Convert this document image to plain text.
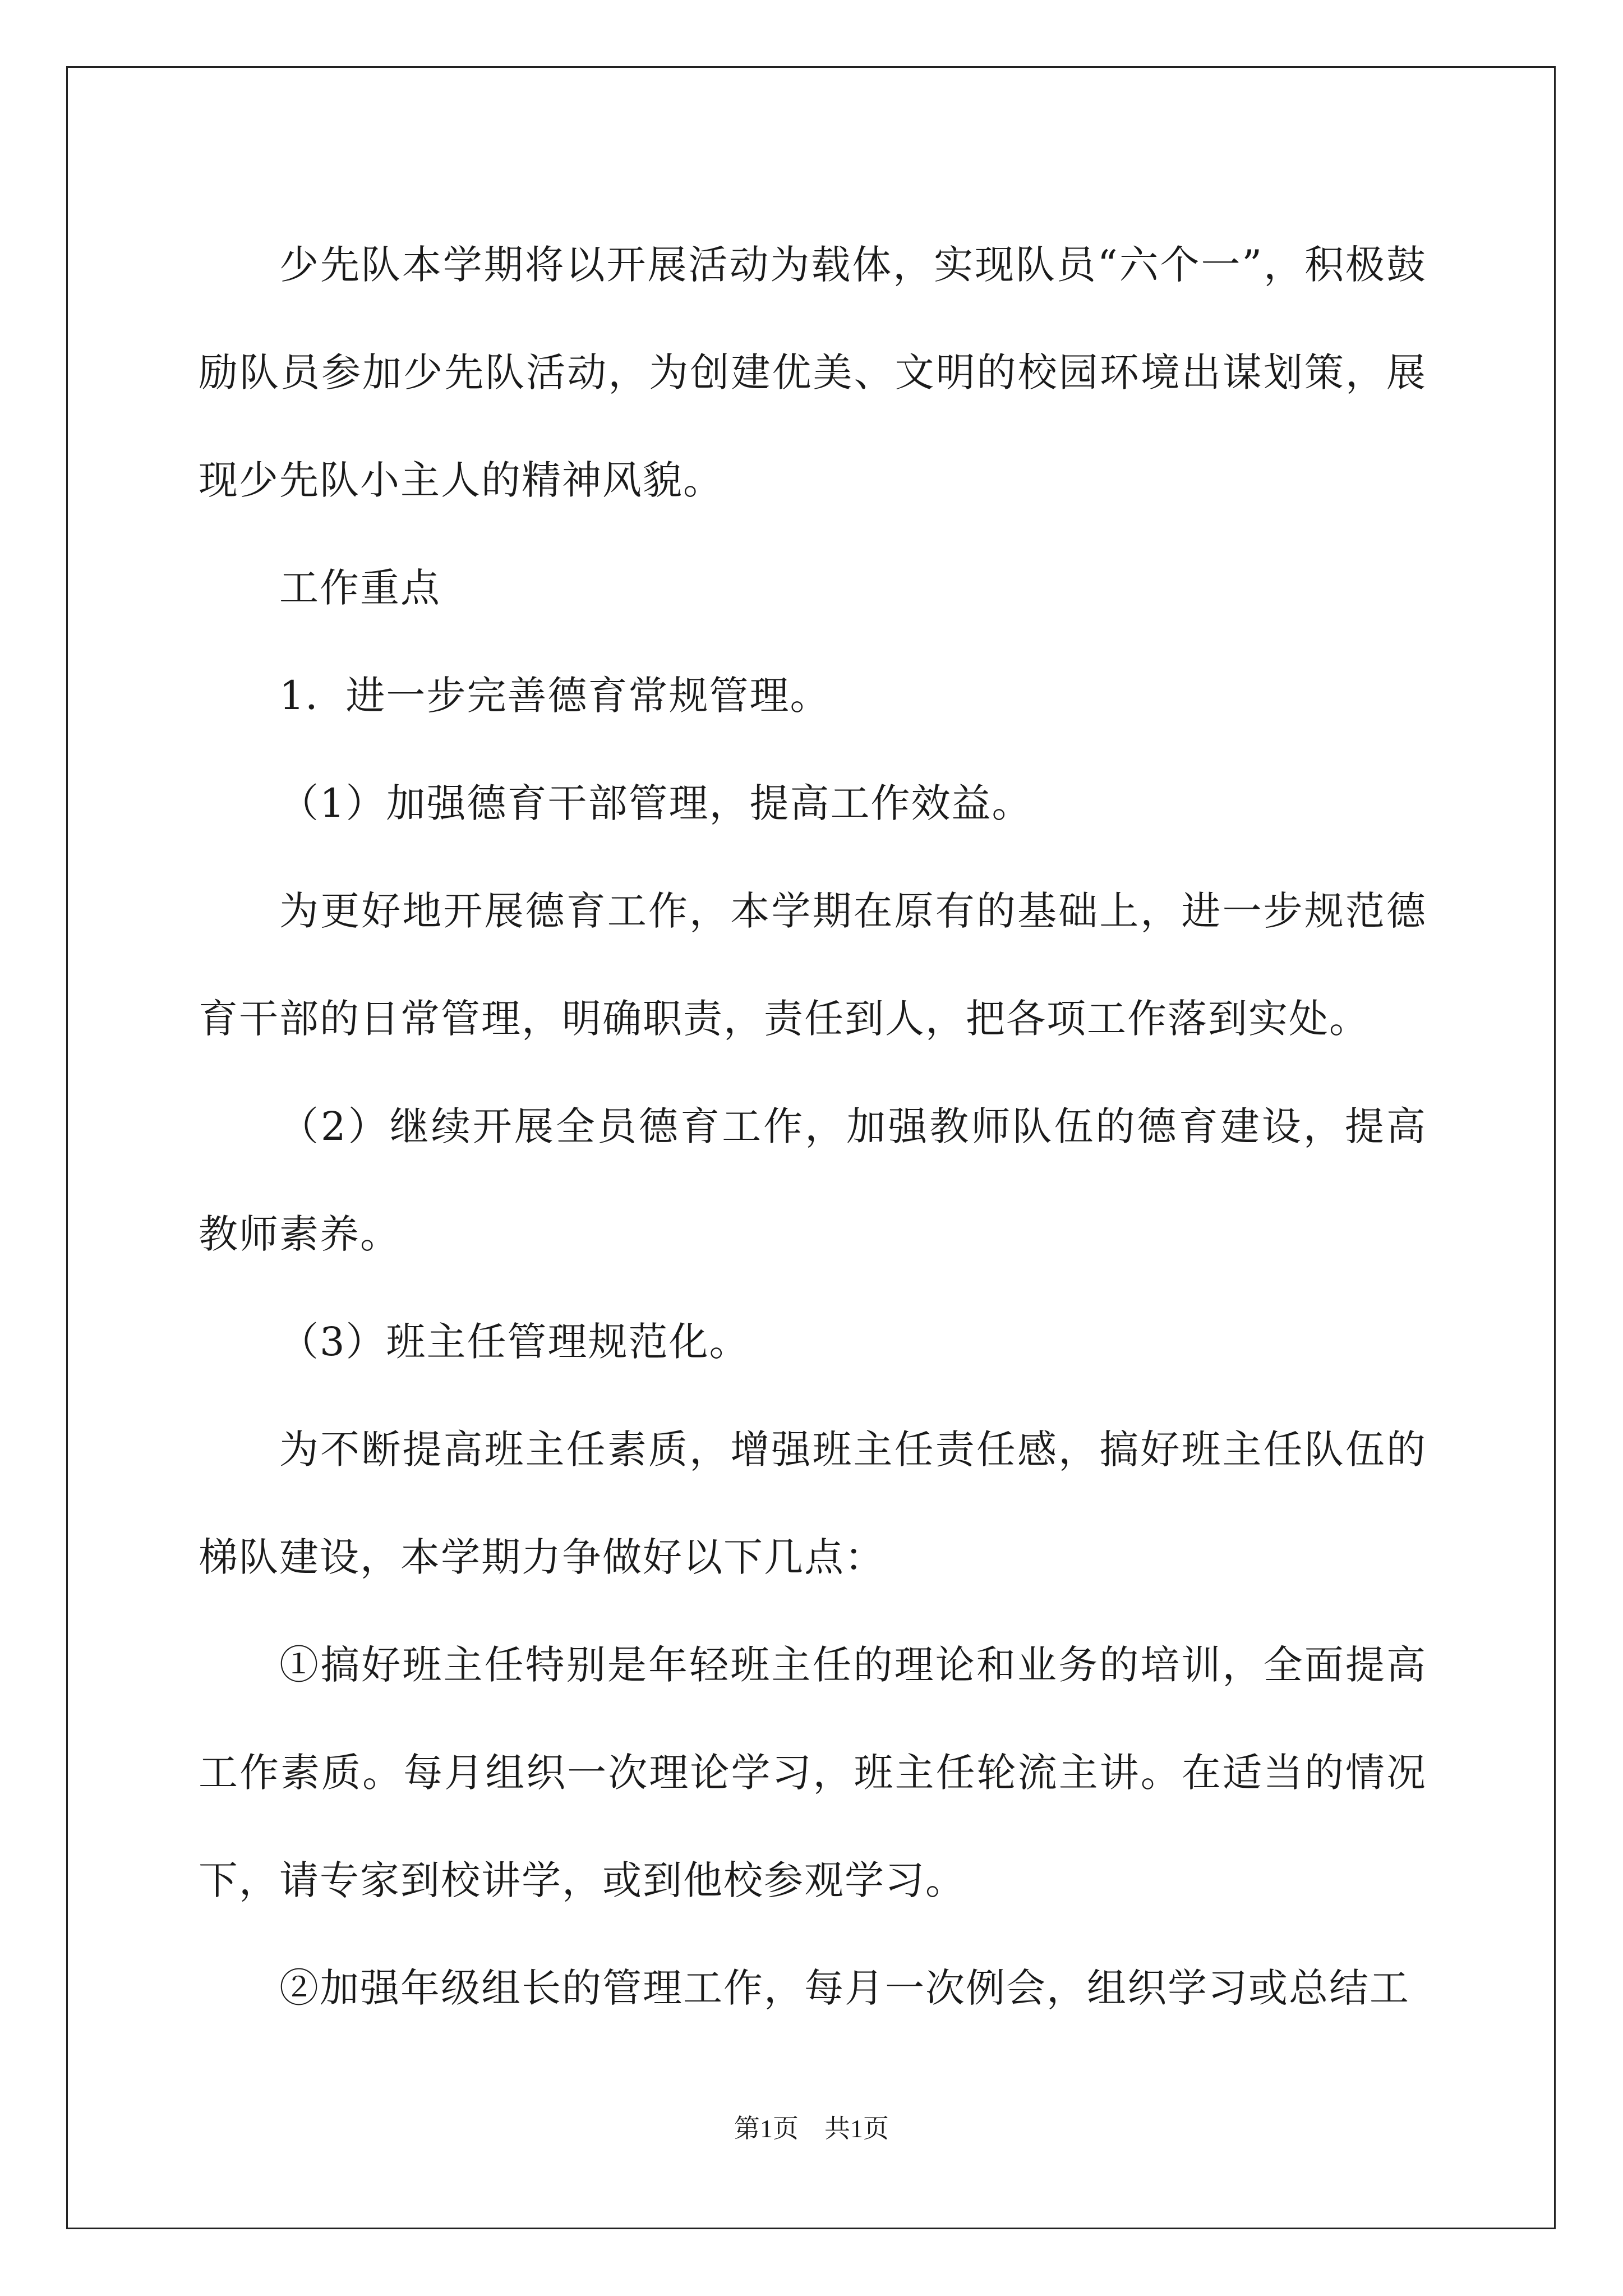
少先队本学期将以开展活动为载体，实现队员“六个一”，积极鼓励队员参加少先队活动，为创建优美、文明的校园环境出谋划策，展现少先队小主人的精神风貌。

工作重点

1．进一步完善德育常规管理。

（1）加强德育干部管理，提高工作效益。

为更好地开展德育工作，本学期在原有的基础上，进一步规范德育干部的日常管理，明确职责，责任到人，把各项工作落到实处。

（2）继续开展全员德育工作，加强教师队伍的德育建设，提高教师素养。

（3）班主任管理规范化。

为不断提高班主任素质，增强班主任责任感，搞好班主任队伍的梯队建设，本学期力争做好以下几点：

①搞好班主任特别是年轻班主任的理论和业务的培训，全面提高工作素质。每月组织一次理论学习，班主任轮流主讲。在适当的情况下，请专家到校讲学，或到他校参观学习。

②加强年级组长的管理工作，每月一次例会，组织学习或总结工

第1页 共1页
